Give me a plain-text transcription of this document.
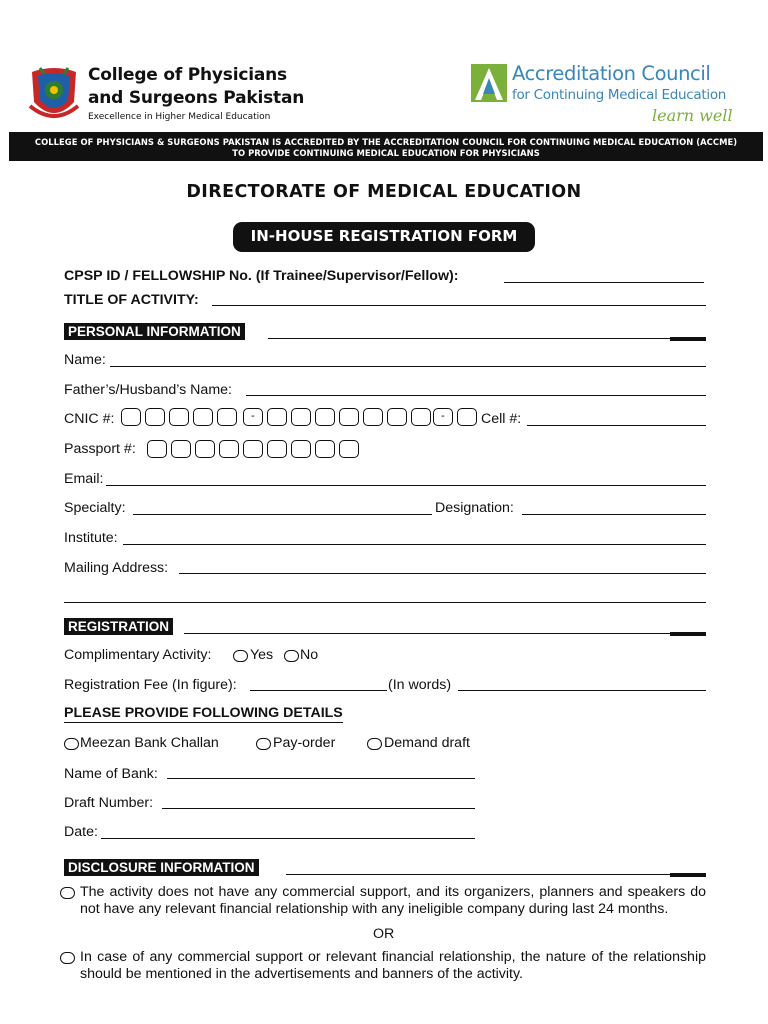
College of Physicians
and Surgeons Pakistan
Execellence in Higher Medical Education
Accreditation Council
for Continuing Medical Education
learn well
COLLEGE OF PHYSICIANS & SURGEONS PAKISTAN IS ACCREDITED BY THE ACCREDITATION COUNCIL FOR CONTINUING MEDICAL EDUCATION (ACCME)
TO PROVIDE CONTINUING MEDICAL EDUCATION FOR PHYSICIANS
DIRECTORATE OF MEDICAL EDUCATION
IN-HOUSE REGISTRATION FORM
CPSP ID / FELLOWSHIP No. (If Trainee/Supervisor/Fellow):
TITLE OF ACTIVITY:
PERSONAL INFORMATION
Name:
Father’s/Husband’s Name:
CNIC #:	-	-	Cell #:
Passport #:
Email:
Specialty:	Designation:
Institute:
Mailing Address:
REGISTRATION
Complimentary Activity:	Yes No
Registration Fee (In figure):	(In words)
PLEASE PROVIDE FOLLOWING DETAILS
Meezan Bank Challan	Pay-order	Demand draft
Name of Bank:
Draft Number:
Date:
DISCLOSURE INFORMATION
The activity does not have any commercial support, and its organizers, planners and speakers do not have any relevant financial relationship with any ineligible company during last 24 months.
OR
In case of any commercial support or relevant financial relationship, the nature of the relationship should be mentioned in the advertisements and banners of the activity.
